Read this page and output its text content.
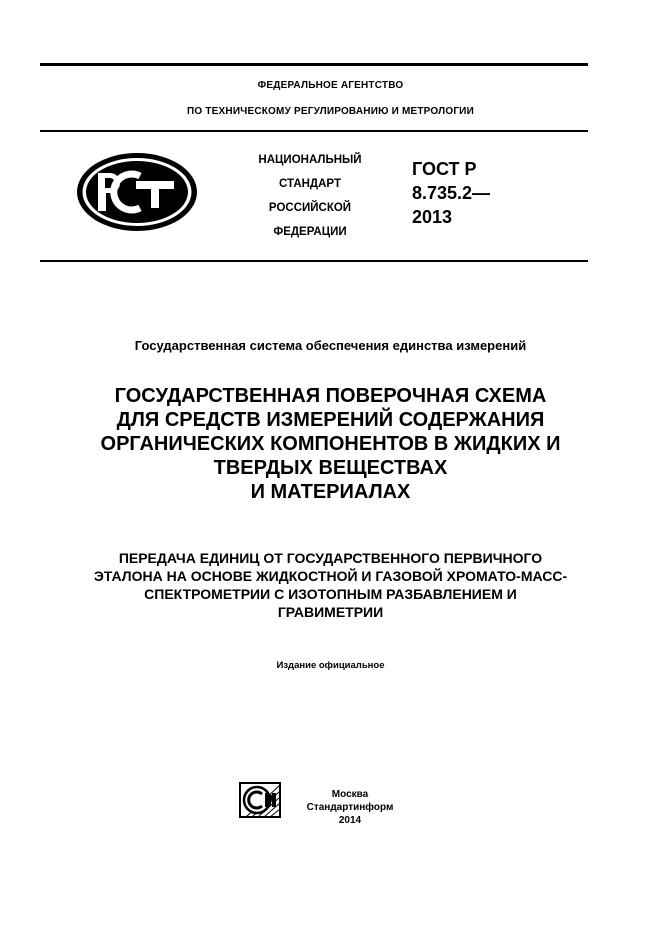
ФЕДЕРАЛЬНОЕ АГЕНТСТВО
ПО ТЕХНИЧЕСКОМУ РЕГУЛИРОВАНИЮ И МЕТРОЛОГИИ
НАЦИОНАЛЬНЫЙ
СТАНДАРТ
РОССИЙСКОЙ
ФЕДЕРАЦИИ
ГОСТ Р
8.735.2—
2013
Государственная система обеспечения единства измерений
ГОСУДАРСТВЕННАЯ ПОВЕРОЧНАЯ СХЕМА
ДЛЯ СРЕДСТВ ИЗМЕРЕНИЙ СОДЕРЖАНИЯ
ОРГАНИЧЕСКИХ КОМПОНЕНТОВ В ЖИДКИХ И
ТВЕРДЫХ ВЕЩЕСТВАХ
И МАТЕРИАЛАХ
ПЕРЕДАЧА ЕДИНИЦ ОТ ГОСУДАРСТВЕННОГО ПЕРВИЧНОГО
ЭТАЛОНА НА ОСНОВЕ ЖИДКОСТНОЙ И ГАЗОВОЙ ХРОМАТО-МАСС-
СПЕКТРОМЕТРИИ С ИЗОТОПНЫМ РАЗБАВЛЕНИЕМ И
ГРАВИМЕТРИИ
Издание официальное
Москва
Стандартинформ
2014
